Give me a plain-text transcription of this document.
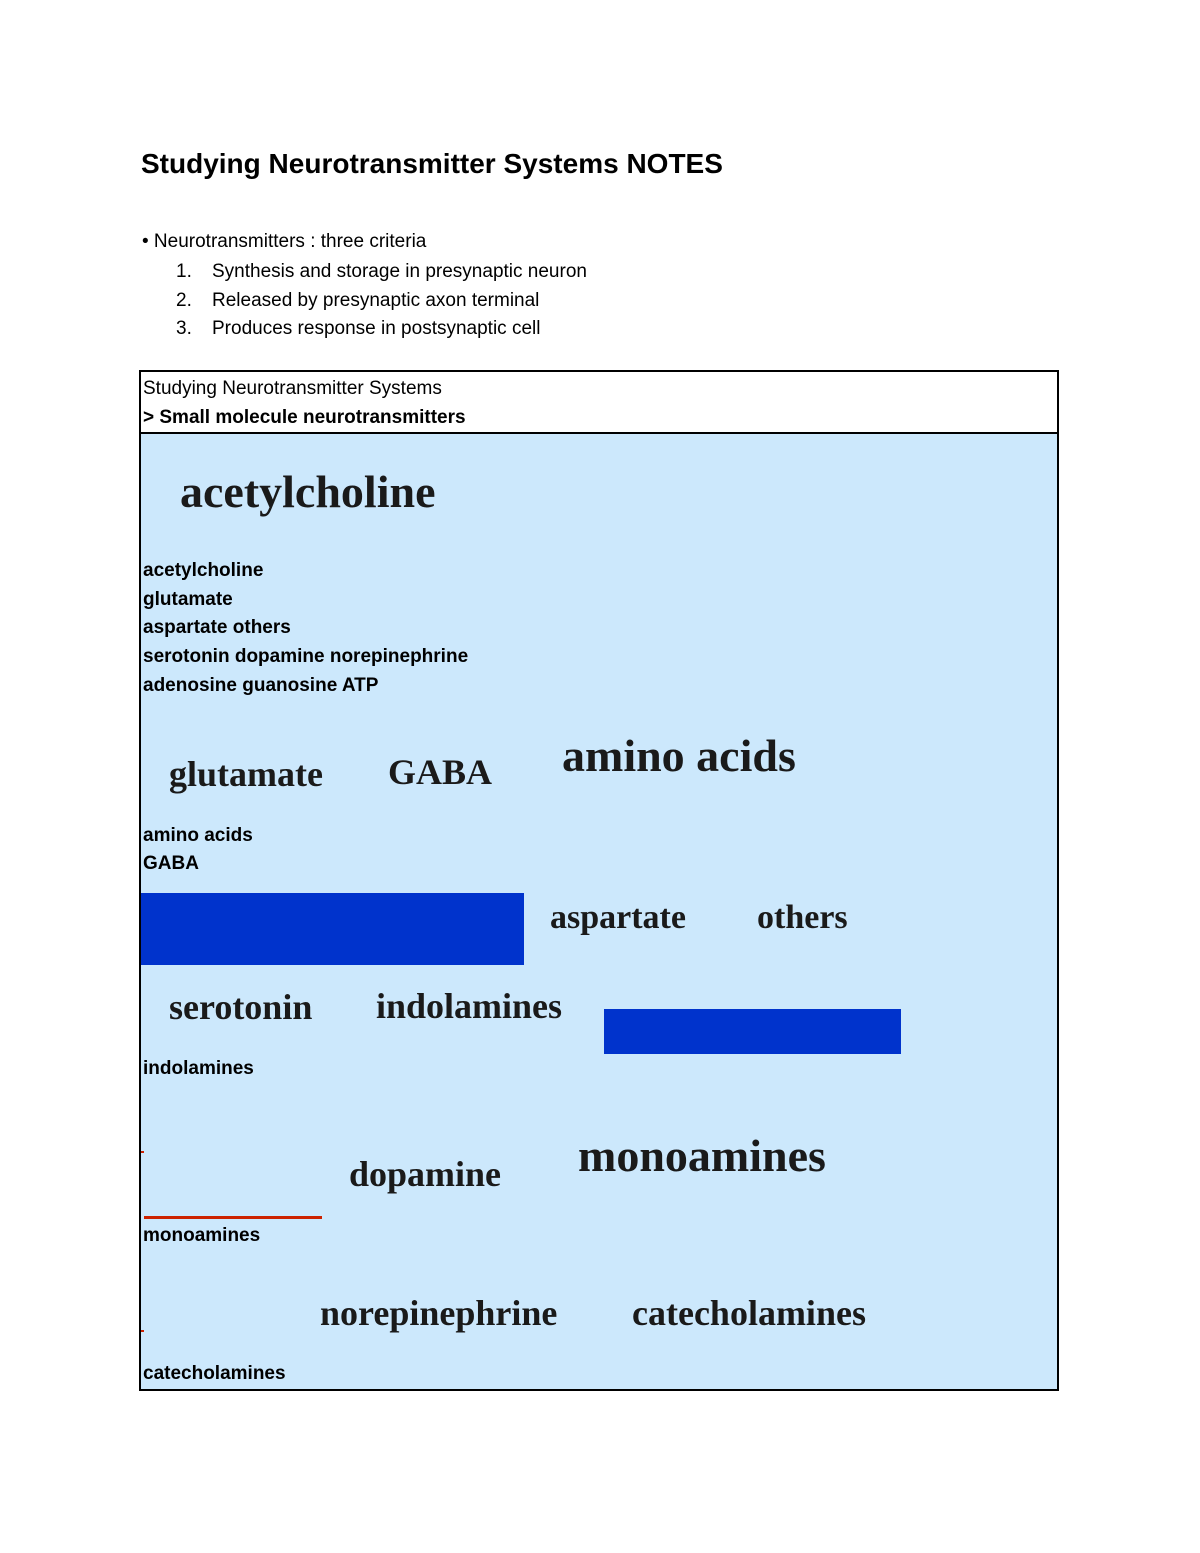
Studying Neurotransmitter Systems NOTES
• Neurotransmitters : three criteria
1. Synthesis and storage in presynaptic neuron
2. Released by presynaptic axon terminal
3. Produces response in postsynaptic cell
Studying Neurotransmitter Systems
> Small molecule neurotransmitters
acetylcholine
acetylcholine
glutamate
aspartate others
serotonin dopamine norepinephrine
adenosine guanosine ATP
glutamate GABA amino acids
amino acids
GABA
aspartate others
serotonin indolamines
indolamines
dopamine monoamines
monoamines
norepinephrine catecholamines
catecholamines
